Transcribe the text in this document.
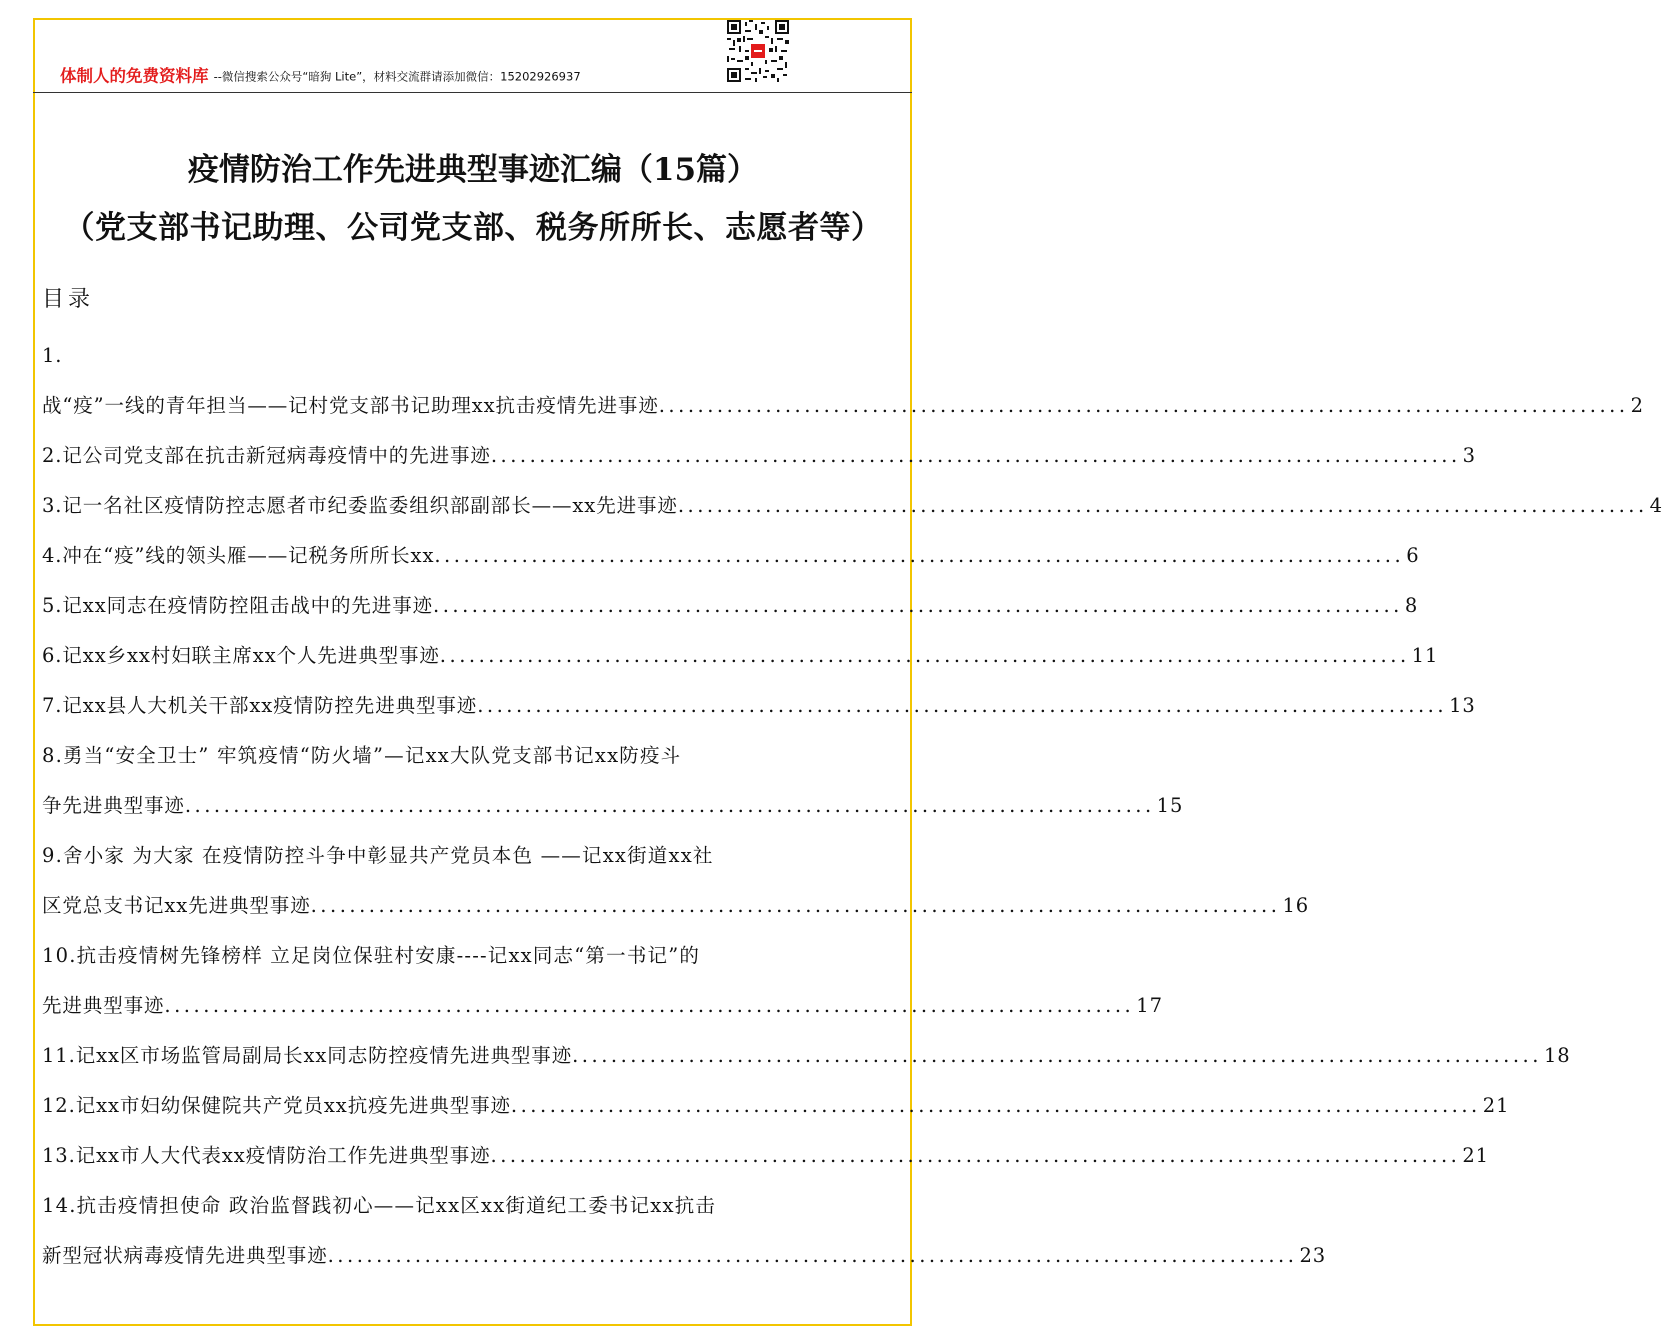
体制人的免费资料库 --微信搜索公众号“暗狗 Lite”，材料交流群请添加微信：15202926937
疫情防治工作先进典型事迹汇编（15篇）
（党支部书记助理、公司党支部、税务所所长、志愿者等）
目录
1.
战“疫”一线的青年担当——记村党支部书记助理xx抗击疫情先进事迹 .................................................................................................... 2
2.记公司党支部在抗击新冠病毒疫情中的先进事迹 .................................................................................................... 3
3.记一名社区疫情防控志愿者市纪委监委组织部副部长——xx先进事迹 .................................................................................................... 4
4.冲在“疫”线的领头雁——记税务所所长xx .................................................................................................... 6
5.记xx同志在疫情防控阻击战中的先进事迹 .................................................................................................... 8
6.记xx乡xx村妇联主席xx个人先进典型事迹 .................................................................................................... 11
7.记xx县人大机关干部xx疫情防控先进典型事迹 .................................................................................................... 13
8.勇当“安全卫士” 牢筑疫情“防火墙”—记xx大队党支部书记xx防疫斗
争先进典型事迹 .................................................................................................... 15
9.舍小家 为大家 在疫情防控斗争中彰显共产党员本色 ——记xx街道xx社
区党总支书记xx先进典型事迹 .................................................................................................... 16
10.抗击疫情树先锋榜样 立足岗位保驻村安康----记xx同志“第一书记”的
先进典型事迹 .................................................................................................... 17
11.记xx区市场监管局副局长xx同志防控疫情先进典型事迹 .................................................................................................... 18
12.记xx市妇幼保健院共产党员xx抗疫先进典型事迹 .................................................................................................... 21
13.记xx市人大代表xx疫情防治工作先进典型事迹 .................................................................................................... 21
14.抗击疫情担使命 政治监督践初心——记xx区xx街道纪工委书记xx抗击
新型冠状病毒疫情先进典型事迹 .................................................................................................... 23
